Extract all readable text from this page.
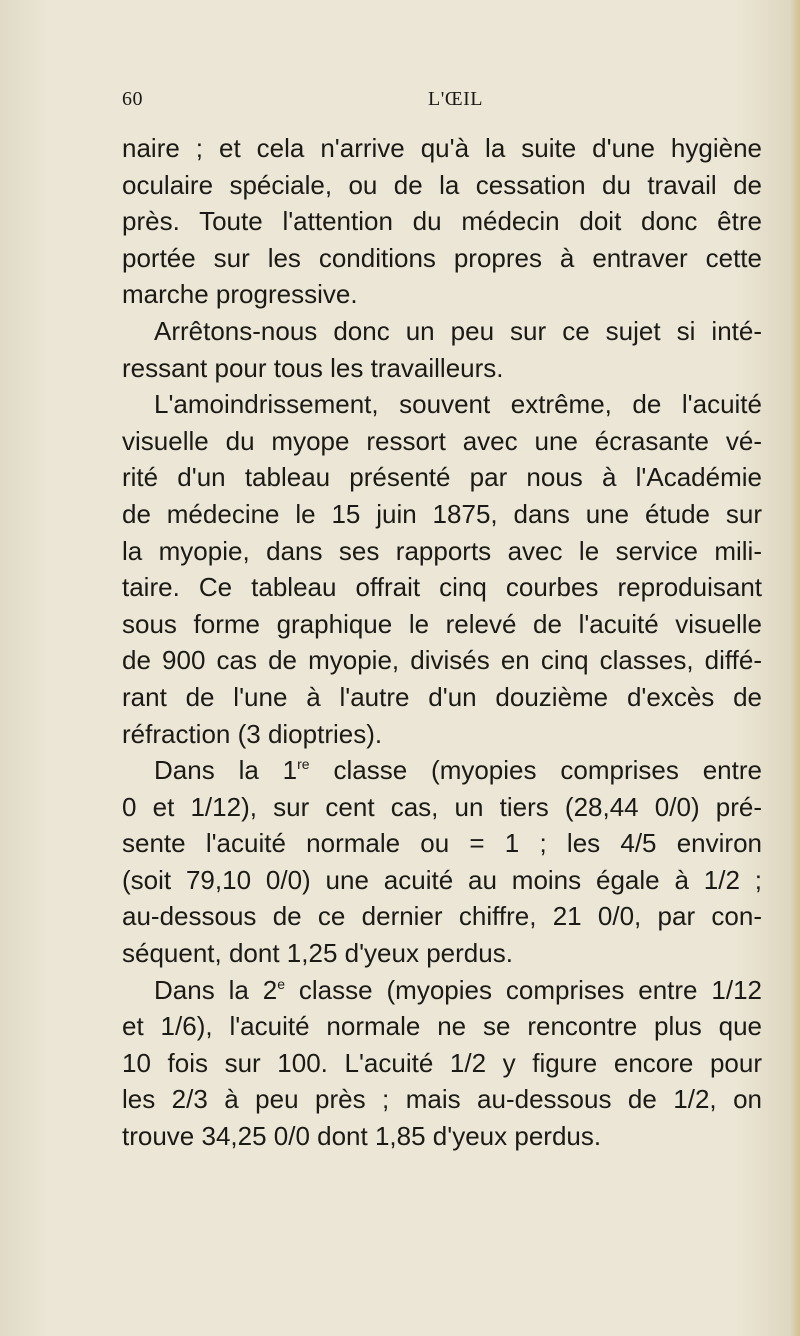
60	L'ŒIL
naire ; et cela n'arrive qu'à la suite d'une hygiène
oculaire spéciale, ou de la cessation du travail de
près. Toute l'attention du médecin doit donc être
portée sur les conditions propres à entraver cette
marche progressive.
Arrêtons-nous donc un peu sur ce sujet si inté-
ressant pour tous les travailleurs.
L'amoindrissement, souvent extrême, de l'acuité
visuelle du myope ressort avec une écrasante vé-
rité d'un tableau présenté par nous à l'Académie
de médecine le 15 juin 1875, dans une étude sur
la myopie, dans ses rapports avec le service mili-
taire. Ce tableau offrait cinq courbes reproduisant
sous forme graphique le relevé de l'acuité visuelle
de 900 cas de myopie, divisés en cinq classes, diffé-
rant de l'une à l'autre d'un douzième d'excès de
réfraction (3 dioptries).
Dans la 1re classe (myopies comprises entre
0 et 1/12), sur cent cas, un tiers (28,44 0/0) pré-
sente l'acuité normale ou = 1 ; les 4/5 environ
(soit 79,10 0/0) une acuité au moins égale à 1/2 ;
au-dessous de ce dernier chiffre, 21 0/0, par con-
séquent, dont 1,25 d'yeux perdus.
Dans la 2e classe (myopies comprises entre 1/12
et 1/6), l'acuité normale ne se rencontre plus que
10 fois sur 100. L'acuité 1/2 y figure encore pour
les 2/3 à peu près ; mais au-dessous de 1/2, on
trouve 34,25 0/0 dont 1,85 d'yeux perdus.
